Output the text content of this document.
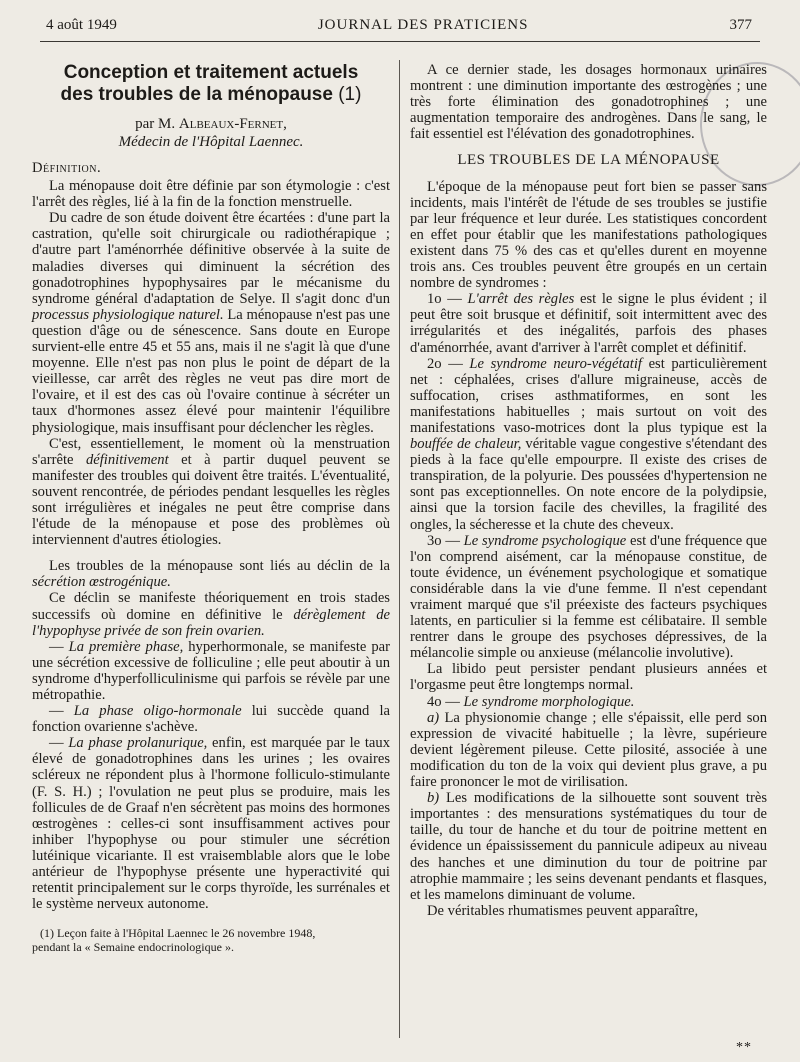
4 août 1949	JOURNAL DES PRATICIENS	377
Conception et traitement actuels
des troubles de la ménopause (1)
par M. Albeaux-Fernet,
Médecin de l'Hôpital Laennec.
Définition.

La ménopause doit être définie par son étymologie : c'est l'arrêt des règles, lié à la fin de la fonction menstruelle.

Du cadre de son étude doivent être écartées : d'une part la castration, qu'elle soit chirurgicale ou radiothérapique ; d'autre part l'aménorrhée définitive observée à la suite de maladies diverses qui diminuent la sécrétion des gonadotrophines hypophysaires par le mécanisme du syndrome général d'adaptation de Selye. Il s'agit donc d'un processus physiologique naturel. La ménopause n'est pas une question d'âge ou de sénescence. Sans doute en Europe survient-elle entre 45 et 55 ans, mais il ne s'agit là que d'une moyenne. Elle n'est pas non plus le point de départ de la vieillesse, car arrêt des règles ne veut pas dire mort de l'ovaire, et il est des cas où l'ovaire continue à sécréter un taux d'hormones assez élevé pour maintenir l'équilibre physiologique, mais insuffisant pour déclencher les règles.

C'est, essentiellement, le moment où la menstruation s'arrête définitivement et à partir duquel peuvent se manifester des troubles qui doivent être traités. L'éventualité, souvent rencontrée, de périodes pendant lesquelles les règles sont irrégulières et inégales ne peut être comprise dans l'étude de la ménopause et pose des problèmes où interviennent d'autres étiologies.

Les troubles de la ménopause sont liés au déclin de la sécrétion œstrogénique.

Ce déclin se manifeste théoriquement en trois stades successifs où domine en définitive le dérèglement de l'hypophyse privée de son frein ovarien.

— La première phase, hyperhormonale, se manifeste par une sécrétion excessive de folliculine ; elle peut aboutir à un syndrome d'hyperfolliculinisme qui parfois se révèle par une métropathie.

— La phase oligo-hormonale lui succède quand la fonction ovarienne s'achève.

— La phase prolanurique, enfin, est marquée par le taux élevé de gonadotrophines dans les urines ; les ovaires scléreux ne répondent plus à l'hormone folliculo-stimulante (F. S. H.) ; l'ovulation ne peut plus se produire, mais les follicules de de Graaf n'en sécrètent pas moins des hormones œstrogènes : celles-ci sont insuffisamment actives pour inhiber l'hypophyse ou pour stimuler une sécrétion lutéinique vicariante. Il est vraisemblable alors que le lobe antérieur de l'hypophyse présente une hyperactivité qui retentit principalement sur le corps thyroïde, les surrénales et le système nerveux autonome.

(1) Leçon faite à l'Hôpital Laennec le 26 novembre 1948,

pendant la « Semaine endocrinologique ».

A ce dernier stade, les dosages hormonaux urinaires montrent : une diminution importante des œstrogènes ; une très forte élimination des gonadotrophines ; une augmentation temporaire des androgènes. Dans le sang, le fait essentiel est l'élévation des gonadotrophines.

LES TROUBLES DE LA MÉNOPAUSE

L'époque de la ménopause peut fort bien se passer sans incidents, mais l'intérêt de l'étude de ses troubles se justifie par leur fréquence et leur durée. Les statistiques concordent en effet pour établir que les manifestations pathologiques existent dans 75 % des cas et qu'elles durent en moyenne trois ans. Ces troubles peuvent être groupés en un certain nombre de syndromes :

1o — L'arrêt des règles est le signe le plus évident ; il peut être soit brusque et définitif, soit intermittent avec des irrégularités et des inégalités, parfois des phases d'aménorrhée, avant d'arriver à l'arrêt complet et définitif.

2o — Le syndrome neuro-végétatif est particulièrement net : céphalées, crises d'allure migraineuse, accès de suffocation, crises asthmatiformes, en sont les manifestations habituelles ; mais surtout on voit des manifestations vaso-motrices dont la plus typique est la bouffée de chaleur, véritable vague congestive s'étendant des pieds à la face qu'elle empourpre. Il existe des crises de transpiration, de la polyurie. Des poussées d'hypertension ne sont pas exceptionnelles. On note encore de la polydipsie, ainsi que la torsion facile des chevilles, la fragilité des ongles, la sécheresse et la chute des cheveux.

3o — Le syndrome psychologique est d'une fréquence que l'on comprend aisément, car la ménopause constitue, de toute évidence, un événement psychologique et somatique considérable dans la vie d'une femme. Il n'est cependant vraiment marqué que s'il préexiste des facteurs psychiques latents, en particulier si la femme est célibataire. Il semble rentrer dans le groupe des psychoses dépressives, de la mélancolie simple ou anxieuse (mélancolie involutive).

La libido peut persister pendant plusieurs années et l'orgasme peut être longtemps normal.

4o — Le syndrome morphologique.

a) La physionomie change ; elle s'épaissit, elle perd son expression de vivacité habituelle ; la lèvre, supérieure devient légèrement pileuse. Cette pilosité, associée à une modification du ton de la voix qui devient plus grave, a pu faire prononcer le mot de virilisation.

b) Les modifications de la silhouette sont souvent très importantes : des mensurations systématiques du tour de taille, du tour de hanche et du tour de poitrine mettent en évidence un épaississement du pannicule adipeux au niveau des hanches et une diminution du tour de poitrine par atrophie mammaire ; les seins devenant pendants et flasques, et les mamelons diminuant de volume.

De véritables rhumatismes peuvent apparaître,

**
